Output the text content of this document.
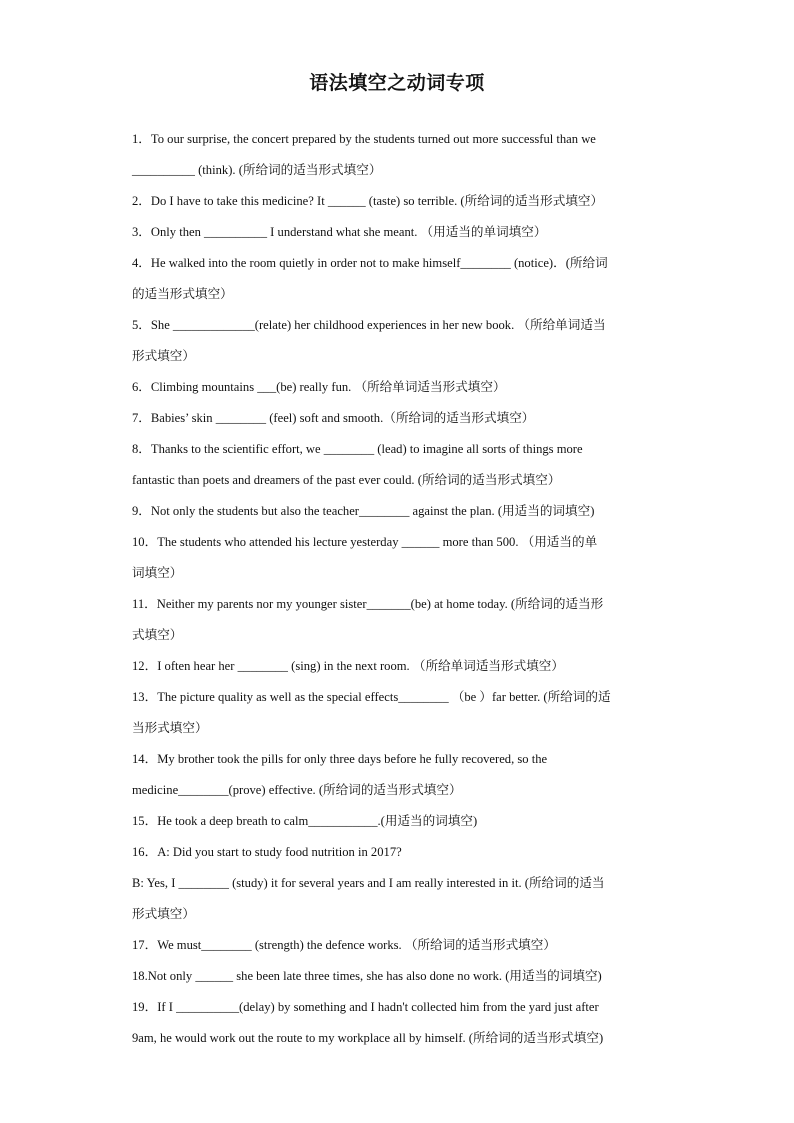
语法填空之动词专项
1．To our surprise, the concert prepared by the students turned out more successful than we
__________ (think). (所给词的适当形式填空）
2．Do I have to take this medicine? It ______ (taste) so terrible. (所给词的适当形式填空）
3．Only then __________ I understand what she meant. （用适当的单词填空）
4．He walked into the room quietly in order not to make himself________ (notice)．(所给词
的适当形式填空）
5．She _____________(relate) her childhood experiences in her new book. （所给单词适当
形式填空）
6．Climbing mountains ___(be) really fun. （所给单词适当形式填空）
7．Babies’ skin ________ (feel) soft and smooth.（所给词的适当形式填空）
8．Thanks to the scientific effort, we ________ (lead) to imagine all sorts of things more
fantastic than poets and dreamers of the past ever could. (所给词的适当形式填空）
9．Not only the students but also the teacher________ against the plan. (用适当的词填空)
10．The students who attended his lecture yesterday ______ more than 500. （用适当的单
词填空）
11．Neither my parents nor my younger sister_______(be) at home today. (所给词的适当形
式填空）
12．I often hear her ________ (sing) in the next room. （所给单词适当形式填空）
13．The picture quality as well as the special effects________ （be ）far better. (所给词的适
当形式填空）
14．My brother took the pills for only three days before he fully recovered, so the
medicine________(prove) effective. (所给词的适当形式填空）
15．He took a deep breath to calm___________.(用适当的词填空)
16．A: Did you start to study food nutrition in 2017?
B: Yes, I ________ (study) it for several years and I am really interested in it. (所给词的适当
形式填空）
17．We must________ (strength) the defence works. （所给词的适当形式填空）
18.Not only ______ she been late three times, she has also done no work. (用适当的词填空)
19．If I __________(delay) by something and I hadn't collected him from the yard just after
9am, he would work out the route to my workplace all by himself. (所给词的适当形式填空)
